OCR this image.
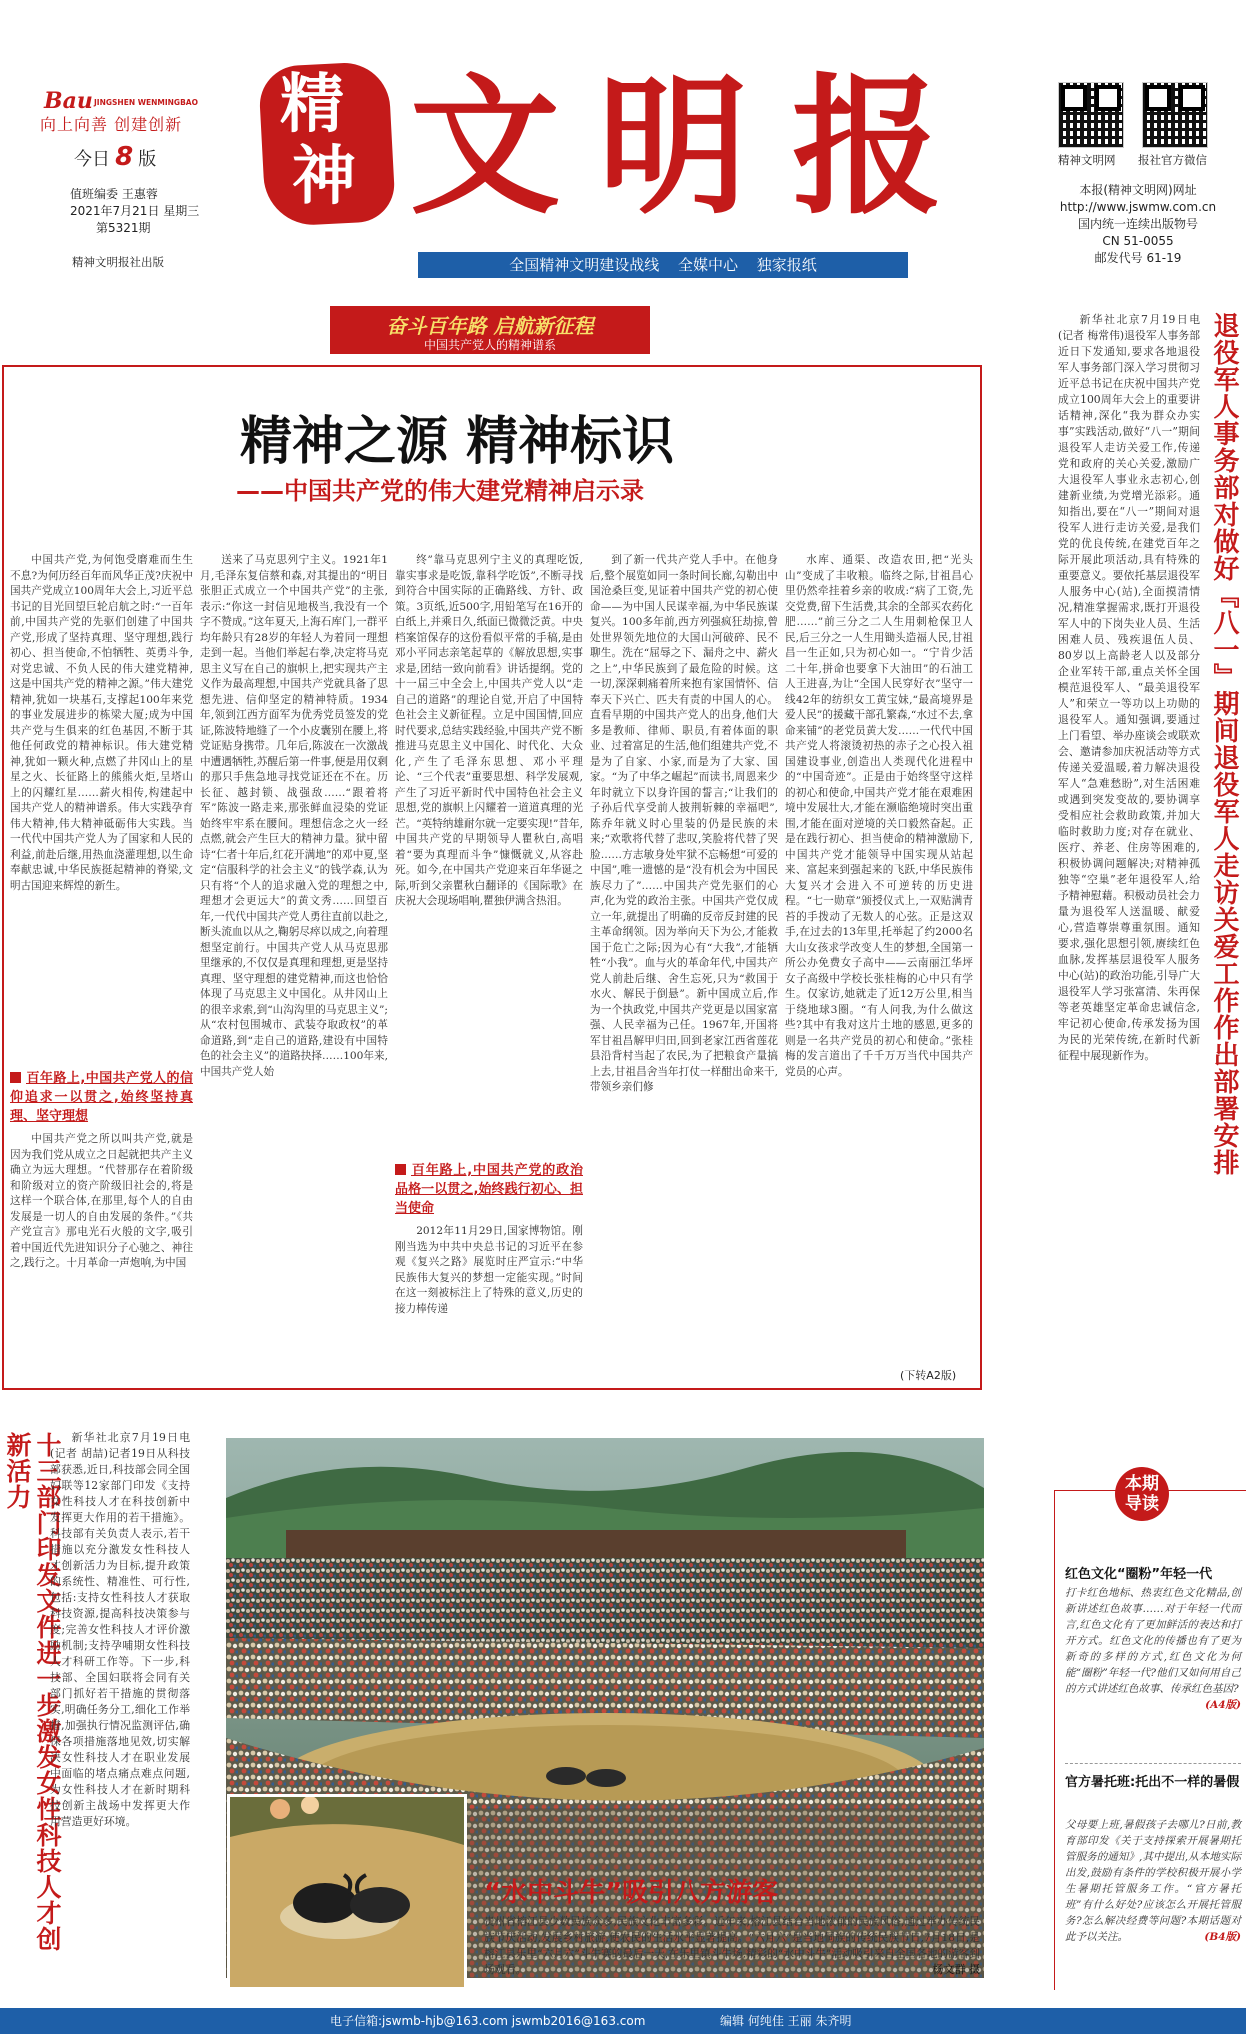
Bau JINGSHEN WENMINGBAO
向上向善 创建创新
今日 8 版
值班编委 王惠蓉
2021年7月21日 星期三
第5321期
精神文明报社出版
精
神 文 明 报
全国精神文明建设战线 全媒中心 独家报纸
精神文明网 报社官方微信
本报(精神文明网)网址
http://www.jswmw.com.cn
国内统一连续出版物号
CN 51-0055
邮发代号 61-19
奋斗百年路 启航新征程
中国共产党人的精神谱系
精神之源 精神标识
——中国共产党的伟大建党精神启示录

中国共产党,为何饱受磨难而生生不息?为何历经百年而风华正茂?庆祝中国共产党成立100周年大会上,习近平总书记的目光回望巨轮启航之时:“一百年前,中国共产党的先驱们创建了中国共产党,形成了坚持真理、坚守理想,践行初心、担当使命,不怕牺牲、英勇斗争,对党忠诚、不负人民的伟大建党精神,这是中国共产党的精神之源。”伟大建党精神,犹如一块基石,支撑起100年来党的事业发展进步的栋梁大厦;成为中国共产党与生俱来的红色基因,不断于其他任何政党的精神标识。伟大建党精神,犹如一颗火种,点燃了井冈山上的星星之火、长征路上的熊熊火炬,呈塔山上的闪耀红星……薪火相传,构建起中国共产党人的精神谱系。伟大实践孕育伟大精神,伟大精神砥砺伟大实践。当一代代中国共产党人为了国家和人民的利益,前赴后继,用热血浇灌理想,以生命奉献忠诚,中华民族挺起精神的脊梁,文明古国迎来辉煌的新生。

百年路上,中国共产党人的信仰追求一以贯之,始终坚持真理、坚守理想

中国共产党之所以叫共产党,就是因为我们党从成立之日起就把共产主义确立为远大理想。“代替那存在着阶级和阶级对立的资产阶级旧社会的,将是这样一个联合体,在那里,每个人的自由发展是一切人的自由发展的条件。”《共产党宣言》那电光石火般的文字,吸引着中国近代先进知识分子心驰之、神往之,践行之。十月革命一声炮响,为中国

送来了马克思列宁主义。1921年1月,毛泽东复信蔡和森,对其提出的“明目张胆正式成立一个中国共产党”的主张,表示:“你这一封信见地极当,我没有一个字不赞成。”这年夏天,上海石库门,一群平均年龄只有28岁的年轻人为着同一理想走到一起。当他们举起右拳,决定将马克思主义写在自己的旗帜上,把实现共产主义作为最高理想,中国共产党就具备了思想先进、信仰坚定的精神特质。1934年,领到江西方面军为优秀党员签发的党证,陈波特地缝了一个小皮囊别在腰上,将党证贴身携带。几年后,陈波在一次激战中遭遇牺牲,苏醒后第一件事,便是用仅剩的那只手焦急地寻找党证还在不在。历长征、越封锁、战强敌……“跟着将军”陈波一路走来,那张鲜血浸染的党证始终牢牢系在腰间。理想信念之火一经点燃,就会产生巨大的精神力量。狱中留诗“仁者十年后,红花开满地”的邓中夏,坚定“信服科学的社会主义”的钱学森,认为只有将“个人的追求融入党的理想之中,理想才会更远大”的黄文秀……回望百年,一代代中国共产党人勇往直前以赴之,断头流血以从之,鞠躬尽瘁以成之,向着理想坚定前行。中国共产党人从马克思那里继承的,不仅仅是真理和理想,更是坚持真理、坚守理想的建党精神,而这也恰恰体现了马克思主义中国化。从井冈山上的很辛求索,到“山沟沟里的马克思主义”;从“农村包围城市、武装夺取政权”的革命道路,到“走自己的道路,建设有中国特色的社会主义”的道路抉择……100年来,中国共产党人始

终”靠马克思列宁主义的真理吃饭,靠实事求是吃饭,靠科学吃饭”,不断寻找到符合中国实际的正确路线、方针、政策。3页纸,近500字,用铅笔写在16开的白纸上,并乘日久,纸面已微微泛黄。中央档案馆保存的这份看似平常的手稿,是由邓小平同志亲笔起草的《解放思想,实事求是,团结一致向前看》讲话提纲。党的十一届三中全会上,中国共产党人以“走自己的道路”的理论自觉,开启了中国特色社会主义新征程。立足中国国情,回应时代要求,总结实践经验,中国共产党不断推进马克思主义中国化、时代化、大众化,产生了毛泽东思想、邓小平理论、“三个代表”重要思想、科学发展观,产生了习近平新时代中国特色社会主义思想,党的旗帜上闪耀着一道道真理的光芒。“英特纳雄耐尔就一定要实现!”昔年,中国共产党的早期领导人瞿秋白,高唱着“要为真理而斗争”慷慨就义,从容赴死。如今,在中国共产党迎来百年华诞之际,听到父亲瞿秋白翻译的《国际歌》在庆祝大会现场唱响,瞿独伊满含热泪。

百年路上,中国共产党的政治品格一以贯之,始终践行初心、担当使命

2012年11月29日,国家博物馆。刚刚当选为中共中央总书记的习近平在参观《复兴之路》展览时庄严宣示:“中华民族伟大复兴的梦想一定能实现。”时间在这一刻被标注上了特殊的意义,历史的接力棒传递

到了新一代共产党人手中。在他身后,整个展览如同一条时间长廊,勾勒出中国沧桑巨变,见证着中国共产党的初心使命——为中国人民谋幸福,为中华民族谋复兴。100多年前,西方列强疯狂劫掠,曾处世界领先地位的大国山河破碎、民不聊生。洗在“屈辱之下、漏舟之中、薪火之上”,中华民族到了最危险的时候。这一切,深深刺痛着所来抱有家国情怀、信奉天下兴亡、匹夫有责的中国人的心。直看早期的中国共产党人的出身,他们大多是教师、律师、职员,有着体面的职业、过着富足的生活,他们组建共产党,不是为了自家、小家,而是为了大家、国家。“为了中华之崛起”而读书,周恩来少年时就立下以身许国的誓言;“让我们的子孙后代享受前人披荆斩棘的幸福吧”,陈乔年就义时心里装的仍是民族的未来;“欢歌将代替了悲叹,笑脸将代替了哭脸……方志敏身处牢狱不忘畅想“可爱的中国”,唯一遗憾的是“没有机会为中国民族尽力了”……中国共产党先驱们的心声,化为党的政治主张。中国共产党仅成立一年,就提出了明确的反帝反封建的民主革命纲领。因为举向天下为公,才能救国于危亡之际;因为心有“大我”,才能牺牲“小我”。血与火的革命年代,中国共产党人前赴后继、舍生忘死,只为“救国于水火、解民于倒悬”。新中国成立后,作为一个执政党,中国共产党更是以国家富强、人民幸福为己任。1967年,开国将军甘祖昌解甲归田,回到老家江西省莲花县沿背村当起了农民,为了把粮食产量搞上去,甘祖昌舍当年打仗一样酣出命来干,带领乡亲们修

水库、通渠、改造农田,把“光头山”变成了丰收粮。临终之际,甘祖昌心里仍然牵挂着乡亲的收成:“病了工资,先交党费,留下生活费,其余的全部买农药化肥……”前三分之二人生用刺枪保卫人民,后三分之一人生用锄头造福人民,甘祖昌一生正如,只为初心如一。“宁肯少活二十年,拼命也要拿下大油田”的石油工人王进喜,为让“全国人民穿好衣”坚守一线42年的纺织女工黄宝妹,“最高境界是爱人民”的援藏干部孔繁森,“水过不去,拿命来铺”的老党员黄大发……一代代中国共产党人将滚烫初热的赤子之心投入祖国建设事业,创造出人类现代化进程中的“中国奇迹”。正是由于始终坚守这样的初心和使命,中国共产党才能在艰难困境中发展壮大,才能在濒临绝境时突出重围,才能在面对逆境的关口毅然奋起。正是在践行初心、担当使命的精神激励下,中国共产党才能领导中国实现从站起来、富起来到强起来的飞跃,中华民族伟大复兴才会进入不可逆转的历史进程。“七一勋章”颁授仪式上,一双贴满青苔的手拨动了无数人的心弦。正是这双手,在过去的13年里,托举起了约2000名大山女孩求学改变人生的梦想,全国第一所公办免费女子高中——云南丽江华坪女子高级中学校长张桂梅的心中只有学生。仅家访,她就走了近12万公里,相当于绕地球3圈。“有人问我,为什么做这些?其中有我对这片土地的感恩,更多的则是一名共产党员的初心和使命。”张桂梅的发言道出了千千万万当代中国共产党员的心声。

(下转A2版)
新华社北京7月19日电(记者 梅常伟)退役军人事务部近日下发通知,要求各地退役军人事务部门深入学习贯彻习近平总书记在庆祝中国共产党成立100周年大会上的重要讲话精神,深化“我为群众办实事”实践活动,做好“八一”期间退役军人走访关爱工作,传递党和政府的关心关爱,激励广大退役军人事业永志初心,创建新业绩,为党增光添彩。通知指出,要在“八一”期间对退役军人进行走访关爱,是我们党的优良传统,在建党百年之际开展此项活动,具有特殊的重要意义。要依托基层退役军人服务中心(站),全面摸清情况,精准掌握需求,既打开退役军人中的下岗失业人员、生活困难人员、残疾退伍人员、80岁以上高龄老人以及部分企业军转干部,重点关怀全国模范退役军人、“最美退役军人”和荣立一等功以上功勋的退役军人。通知强调,要通过上门看望、举办座谈会或联欢会、邀请参加庆祝活动等方式传递关爱温暖,着力解决退役军人“急难愁盼”,对生活困难或遇到突发变故的,要协调享受相应社会救助政策,并加大临时救助力度;对存在就业、医疗、养老、住房等困难的,积极协调问题解决;对精神孤独等“空巢”老年退役军人,给予精神慰藉。积极动员社会力量为退役军人送温暖、献爱心,营造尊崇尊重氛围。通知要求,强化思想引领,赓续红色血脉,发挥基层退役军人服务中心(站)的政治功能,引导广大退役军人学习张富清、朱再保等老英雄坚定革命忠诚信念,牢记初心使命,传承发扬为国为民的光荣传统,在新时代新征程中展现新作为。	退役军人事务部对做好『八一』期间退役军人走访关爱工作作出部署安排
十三部门印发文件进一步激发女性科技人才创新活力	新华社北京7月19日电(记者 胡喆)记者19日从科技部获悉,近日,科技部会同全国妇联等12家部门印发《支持女性科技人才在科技创新中发挥更大作用的若干措施》。科技部有关负责人表示,若干措施以充分激发女性科技人才创新活力为目标,提升政策的系统性、精准性、可行性,包括:支持女性科技人才获取科技资源,提高科技决策参与度;完善女性科技人才评价激励机制;支持孕哺期女性科技人才科研工作等。下一步,科技部、全国妇联将会同有关部门抓好若干措施的贯彻落实,明确任务分工,细化工作举措,加强执行情况监测评估,确保各项措施落地见效,切实解决女性科技人才在职业发展中面临的堵点痛点难点问题,为女性科技人才在新时期科技创新主战场中发挥更大作用营造更好环境。
“水中斗牛”吸引八方游客
贵州省榕江县少数民族众多,民族文化丰富多彩。近年来,榕江县结合当地浓郁的民族风俗,通过举办传统民族节庆活动,发展乡村旅游,使农民的生活水平显著提高。“六月六”是当地侗族的传统民族节日,7月18日,是榕江县乐里“六月六”斗牛赛的最后一天,在乐里镇斗牛场,精彩的“水中斗牛”活动吸引来自全国各地的游客到场观看。	杨文群 摄
本期导读
红色文化“圈粉”年轻一代
打卡红色地标、热衷红色文化精品,创新讲述红色故事……对于年轻一代而言,红色文化有了更加鲜活的表达和打开方式。红色文化的传播也有了更为新奇的多样的方式,红色文化为何能“圈粉”年轻一代?他们又如何用自己的方式讲述红色故事、传承红色基因?
(A4版)
官方暑托班:托出不一样的暑假
父母要上班,暑假孩子去哪儿?日前,教育部印发《关于支持探索开展暑期托管服务的通知》,其中提出,从本地实际出发,鼓励有条件的学校积极开展小学生暑期托管服务工作。“官方暑托班”有什么好处?应该怎么开展托管服务?怎么解决经费等问题?本期话题对此予以关注。	(B4版)
电子信箱:jswmb-hjb@163.com jswmb2016@163.com	编辑 何纯佳 王丽 朱齐明
